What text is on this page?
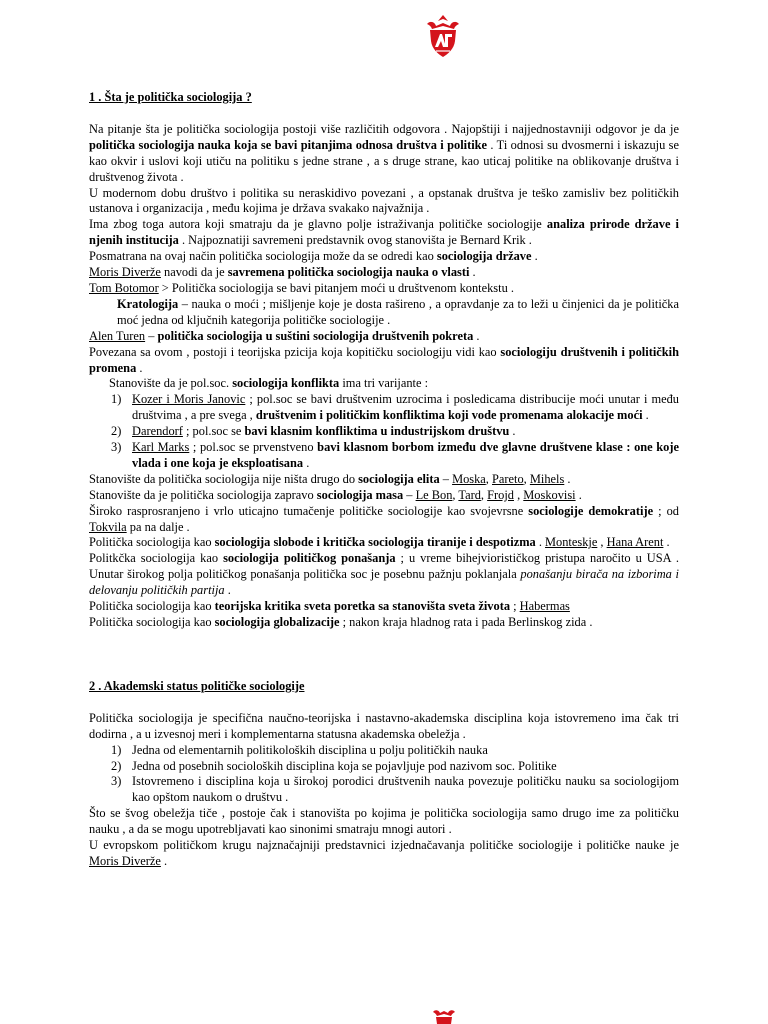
1 . Šta je politička sociologija ?

Na pitanje šta je politička sociologija postoji više različitih odgovora . Najopštiji i najjednostavniji odgovor je da je politička sociologija nauka koja se bavi pitanjima odnosa društva i politike . Ti odnosi su dvosmerni i iskazuju se kao okvir i uslovi koji utiču na politiku s jedne strane , a s druge strane, kao uticaj politike na oblikovanje društva i društvenog života .

U modernom dobu društvo i politika su neraskidivo povezani , a opstanak društva je teško zamisliv bez političkih ustanova i organizacija , među kojima je država svakako najvažnija .

Ima zbog toga autora koji smatraju da je glavno polje istraživanja političke sociologije analiza prirode države i njenih institucija . Najpoznatiji savremeni predstavnik ovog stanovišta je Bernard Krik .

Posmatrana na ovaj način politička sociologija može da se odredi kao sociologija države .

Moris Diverže navodi da je savremena politička sociologija nauka o vlasti .

Tom Botomor > Politička sociologija se bavi pitanjem moći u društvenom kontekstu .

Kratologija – nauka o moći ; mišljenje koje je dosta rašireno , a opravdanje za to leži u činjenici da je politička moć jedna od ključnih kategorija političke sociologije .

Alen Turen – politička sociologija u suštini sociologija društvenih pokreta .

Povezana sa ovom , postoji i teorijska pzicija koja kopitičku sociologiju vidi kao sociologiju društvenih i političkih promena .

Stanovište da je pol.soc. sociologija konflikta ima tri varijante :

1) Kozer i Moris Janovic ; pol.soc se bavi društvenim uzrocima i posledicama distribucije moći unutar i među društvima , a pre svega , društvenim i političkim konfliktima koji vode promenama alokacije moći .
2) Darendorf ; pol.soc se bavi klasnim konfliktima u industrijskom društvu .
3) Karl Marks ; pol.soc se prvenstveno bavi klasnom borbom između dve glavne društvene klase : one koje vlada i one koja je eksploatisana .

Stanovište da politička sociologija nije ništa drugo do sociologija elita – Moska, Pareto, Mihels .

Stanovište da je politička sociologija zapravo sociologija masa – Le Bon, Tard, Frojd , Moskovisi .

Široko rasprosranjeno i vrlo uticajno tumačenje političke sociologije kao svojevrsne sociologije demokratije ; od Tokvila pa na dalje .

Politička sociologija kao sociologija slobode i kritička sociologija tiranije i despotizma . Monteskje , Hana Arent .

Politkčka sociologija kao sociologija političkog ponašanja ; u vreme bihejviorističkog pristupa naročito u USA . Unutar širokog polja političkog ponašanja politička soc je posebnu pažnju poklanjala ponašanju birača na izborima i delovanju političkih partija .

Politička sociologija kao teorijska kritika sveta poretka sa stanovišta sveta života ; Habermas

Politička sociologija kao sociologija globalizacije ; nakon kraja hladnog rata i pada Berlinskog zida .

2 . Akademski status političke sociologije

Politička sociologija je specifična naučno-teorijska i nastavno-akademska disciplina koja istovremeno ima čak tri dodirna , a u izvesnoj meri i komplementarna statusna akademska obeležja .

1) Jedna od elementarnih politikoloških disciplina u polju političkih nauka
2) Jedna od posebnih socioloških disciplina koja se pojavljuje pod nazivom soc. Politike
3) Istovremeno i disciplina koja u širokoj porodici društvenih nauka povezuje političku nauku sa sociologijom kao opštom naukom o društvu .

Što se švog obeležja tiče , postoje čak i stanovišta po kojima je politička sociologija samo drugo ime za političku nauku , a da se mogu upotrebljavati kao sinonimi smatraju mnogi autori .

U evropskom političkom krugu najznačajniji predstavnici izjednačavanja političke sociologije i političke nauke je Moris Diverže .
